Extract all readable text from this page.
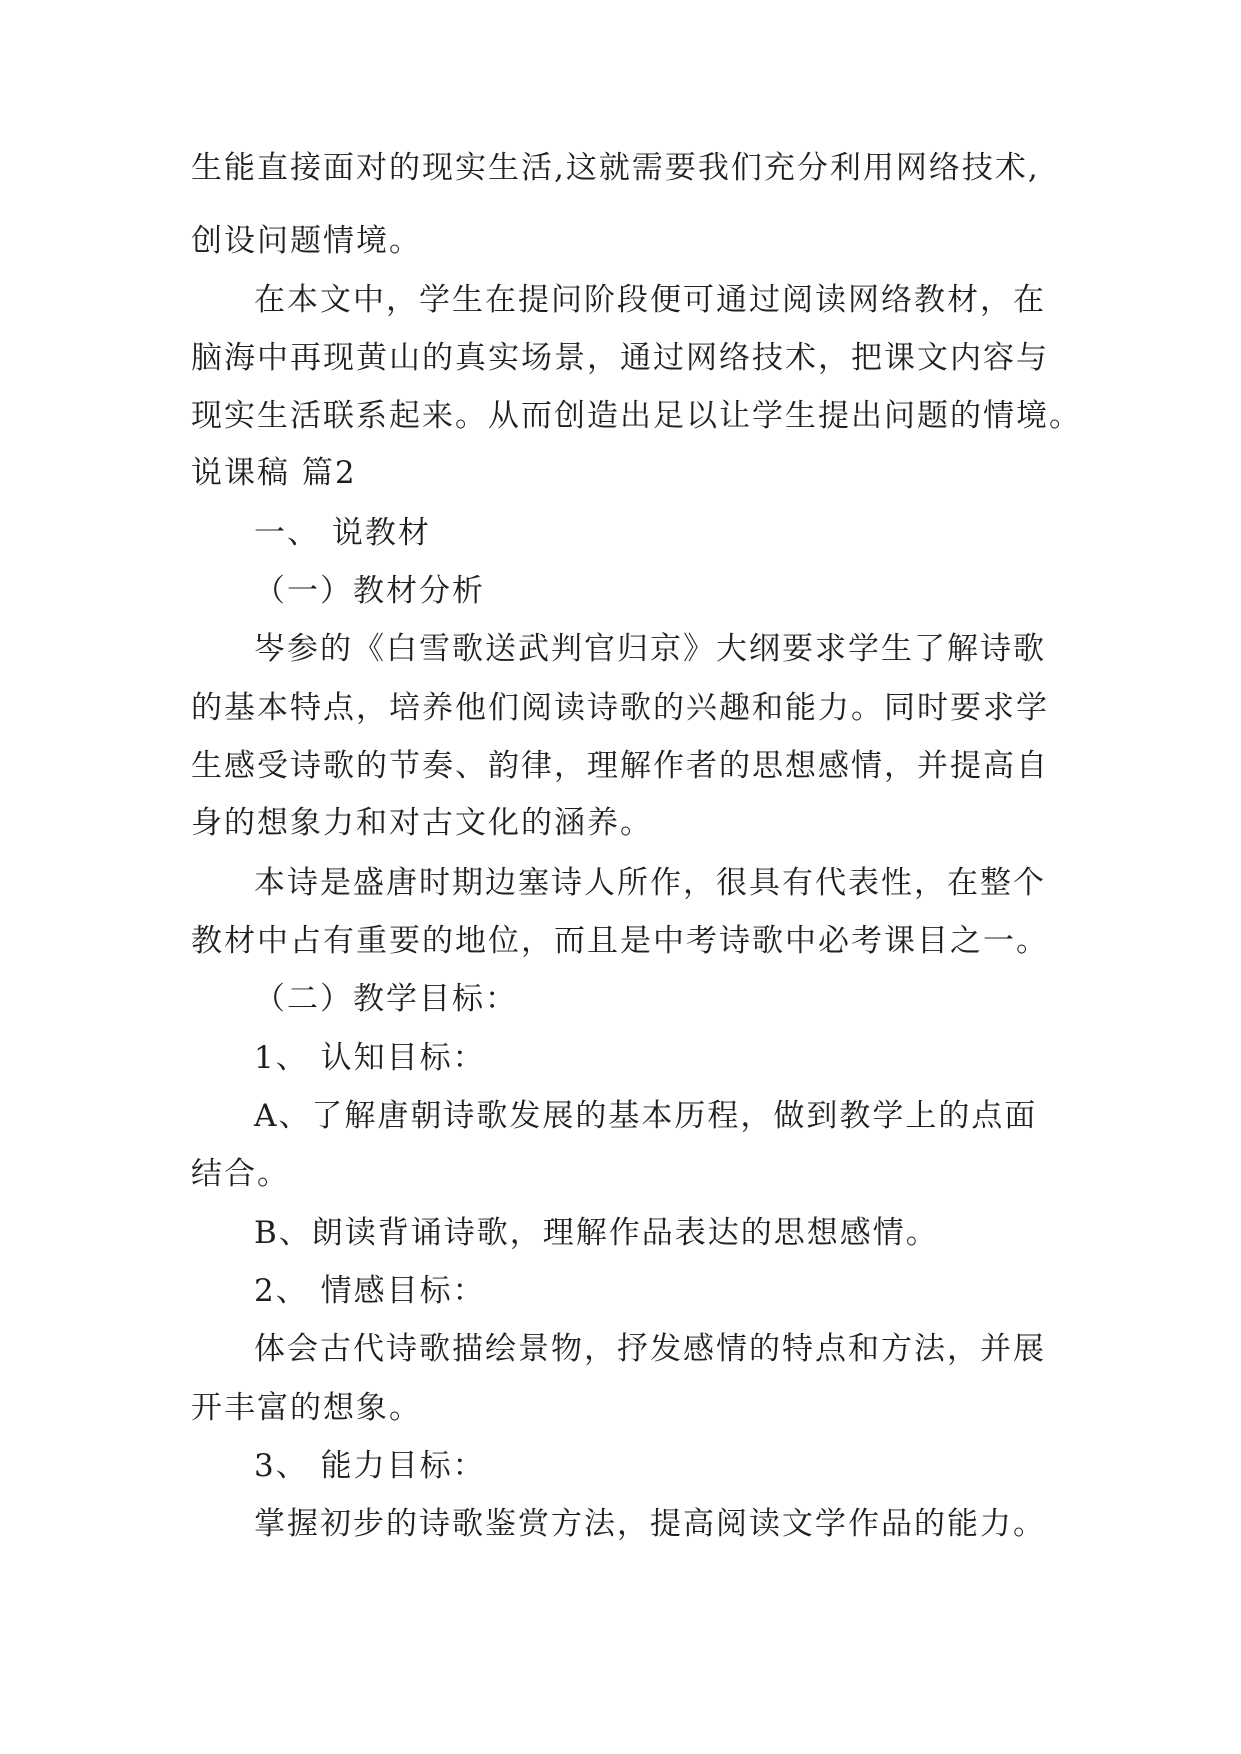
生能直接面对的现实生活,这就需要我们充分利用网络技术,
创设问题情境。
在本文中，学生在提问阶段便可通过阅读网络教材，在
脑海中再现黄山的真实场景，通过网络技术，把课文内容与
现实生活联系起来。从而创造出足以让学生提出问题的情境。
说课稿 篇2
一、 说教材
（一）教材分析
岑参的《白雪歌送武判官归京》大纲要求学生了解诗歌
的基本特点，培养他们阅读诗歌的兴趣和能力。同时要求学
生感受诗歌的节奏、韵律，理解作者的思想感情，并提高自
身的想象力和对古文化的涵养。
本诗是盛唐时期边塞诗人所作，很具有代表性，在整个
教材中占有重要的地位，而且是中考诗歌中必考课目之一。
（二）教学目标：
1、 认知目标：
A、了解唐朝诗歌发展的基本历程，做到教学上的点面
结合。
B、朗读背诵诗歌，理解作品表达的思想感情。
2、 情感目标：
体会古代诗歌描绘景物，抒发感情的特点和方法，并展
开丰富的想象。
3、 能力目标：
掌握初步的诗歌鉴赏方法，提高阅读文学作品的能力。
